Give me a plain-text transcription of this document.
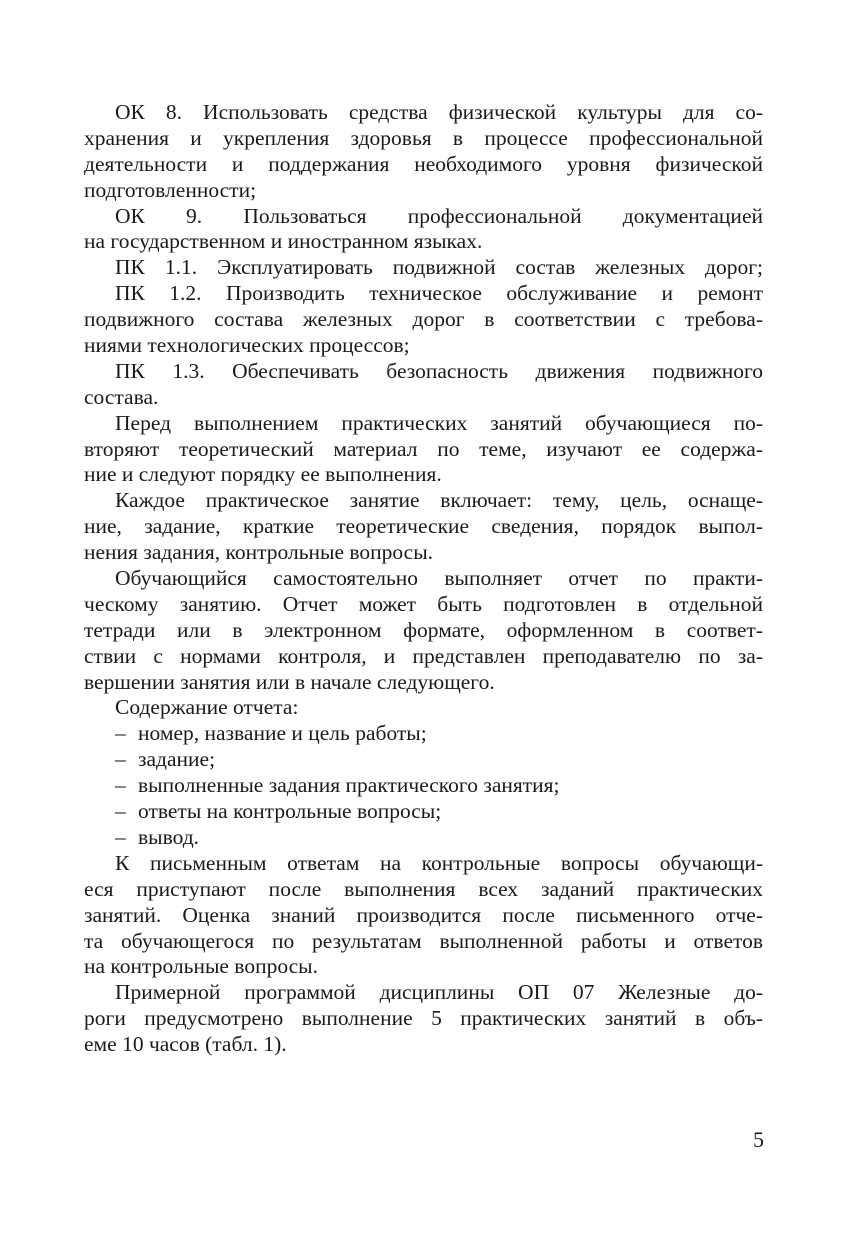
ОК 8. Использовать средства физической культуры для со-
хранения и укрепления здоровья в процессе профессиональной
деятельности и поддержания необходимого уровня физической
подготовленности;
ОК 9. Пользоваться профессиональной документацией
на государственном и иностранном языках.
ПК 1.1. Эксплуатировать подвижной состав железных дорог;
ПК 1.2. Производить техническое обслуживание и ремонт
подвижного состава железных дорог в соответствии с требова-
ниями технологических процессов;
ПК 1.3. Обеспечивать безопасность движения подвижного
состава.
Перед выполнением практических занятий обучающиеся по-
вторяют теоретический материал по теме, изучают ее содержа-
ние и следуют порядку ее выполнения.
Каждое практическое занятие включает: тему, цель, оснаще-
ние, задание, краткие теоретические сведения, порядок выпол-
нения задания, контрольные вопросы.
Обучающийся самостоятельно выполняет отчет по практи-
ческому занятию. Отчет может быть подготовлен в отдельной
тетради или в электронном формате, оформленном в соответ-
ствии с нормами контроля, и представлен преподавателю по за-
вершении занятия или в начале следующего.
Содержание отчета:
– номер, название и цель работы;
– задание;
– выполненные задания практического занятия;
– ответы на контрольные вопросы;
– вывод.
К письменным ответам на контрольные вопросы обучающи-
еся приступают после выполнения всех заданий практических
занятий. Оценка знаний производится после письменного отче-
та обучающегося по результатам выполненной работы и ответов
на контрольные вопросы.
Примерной программой дисциплины ОП 07 Железные до-
роги предусмотрено выполнение 5 практических занятий в объ-
еме 10 часов (табл. 1).
5
